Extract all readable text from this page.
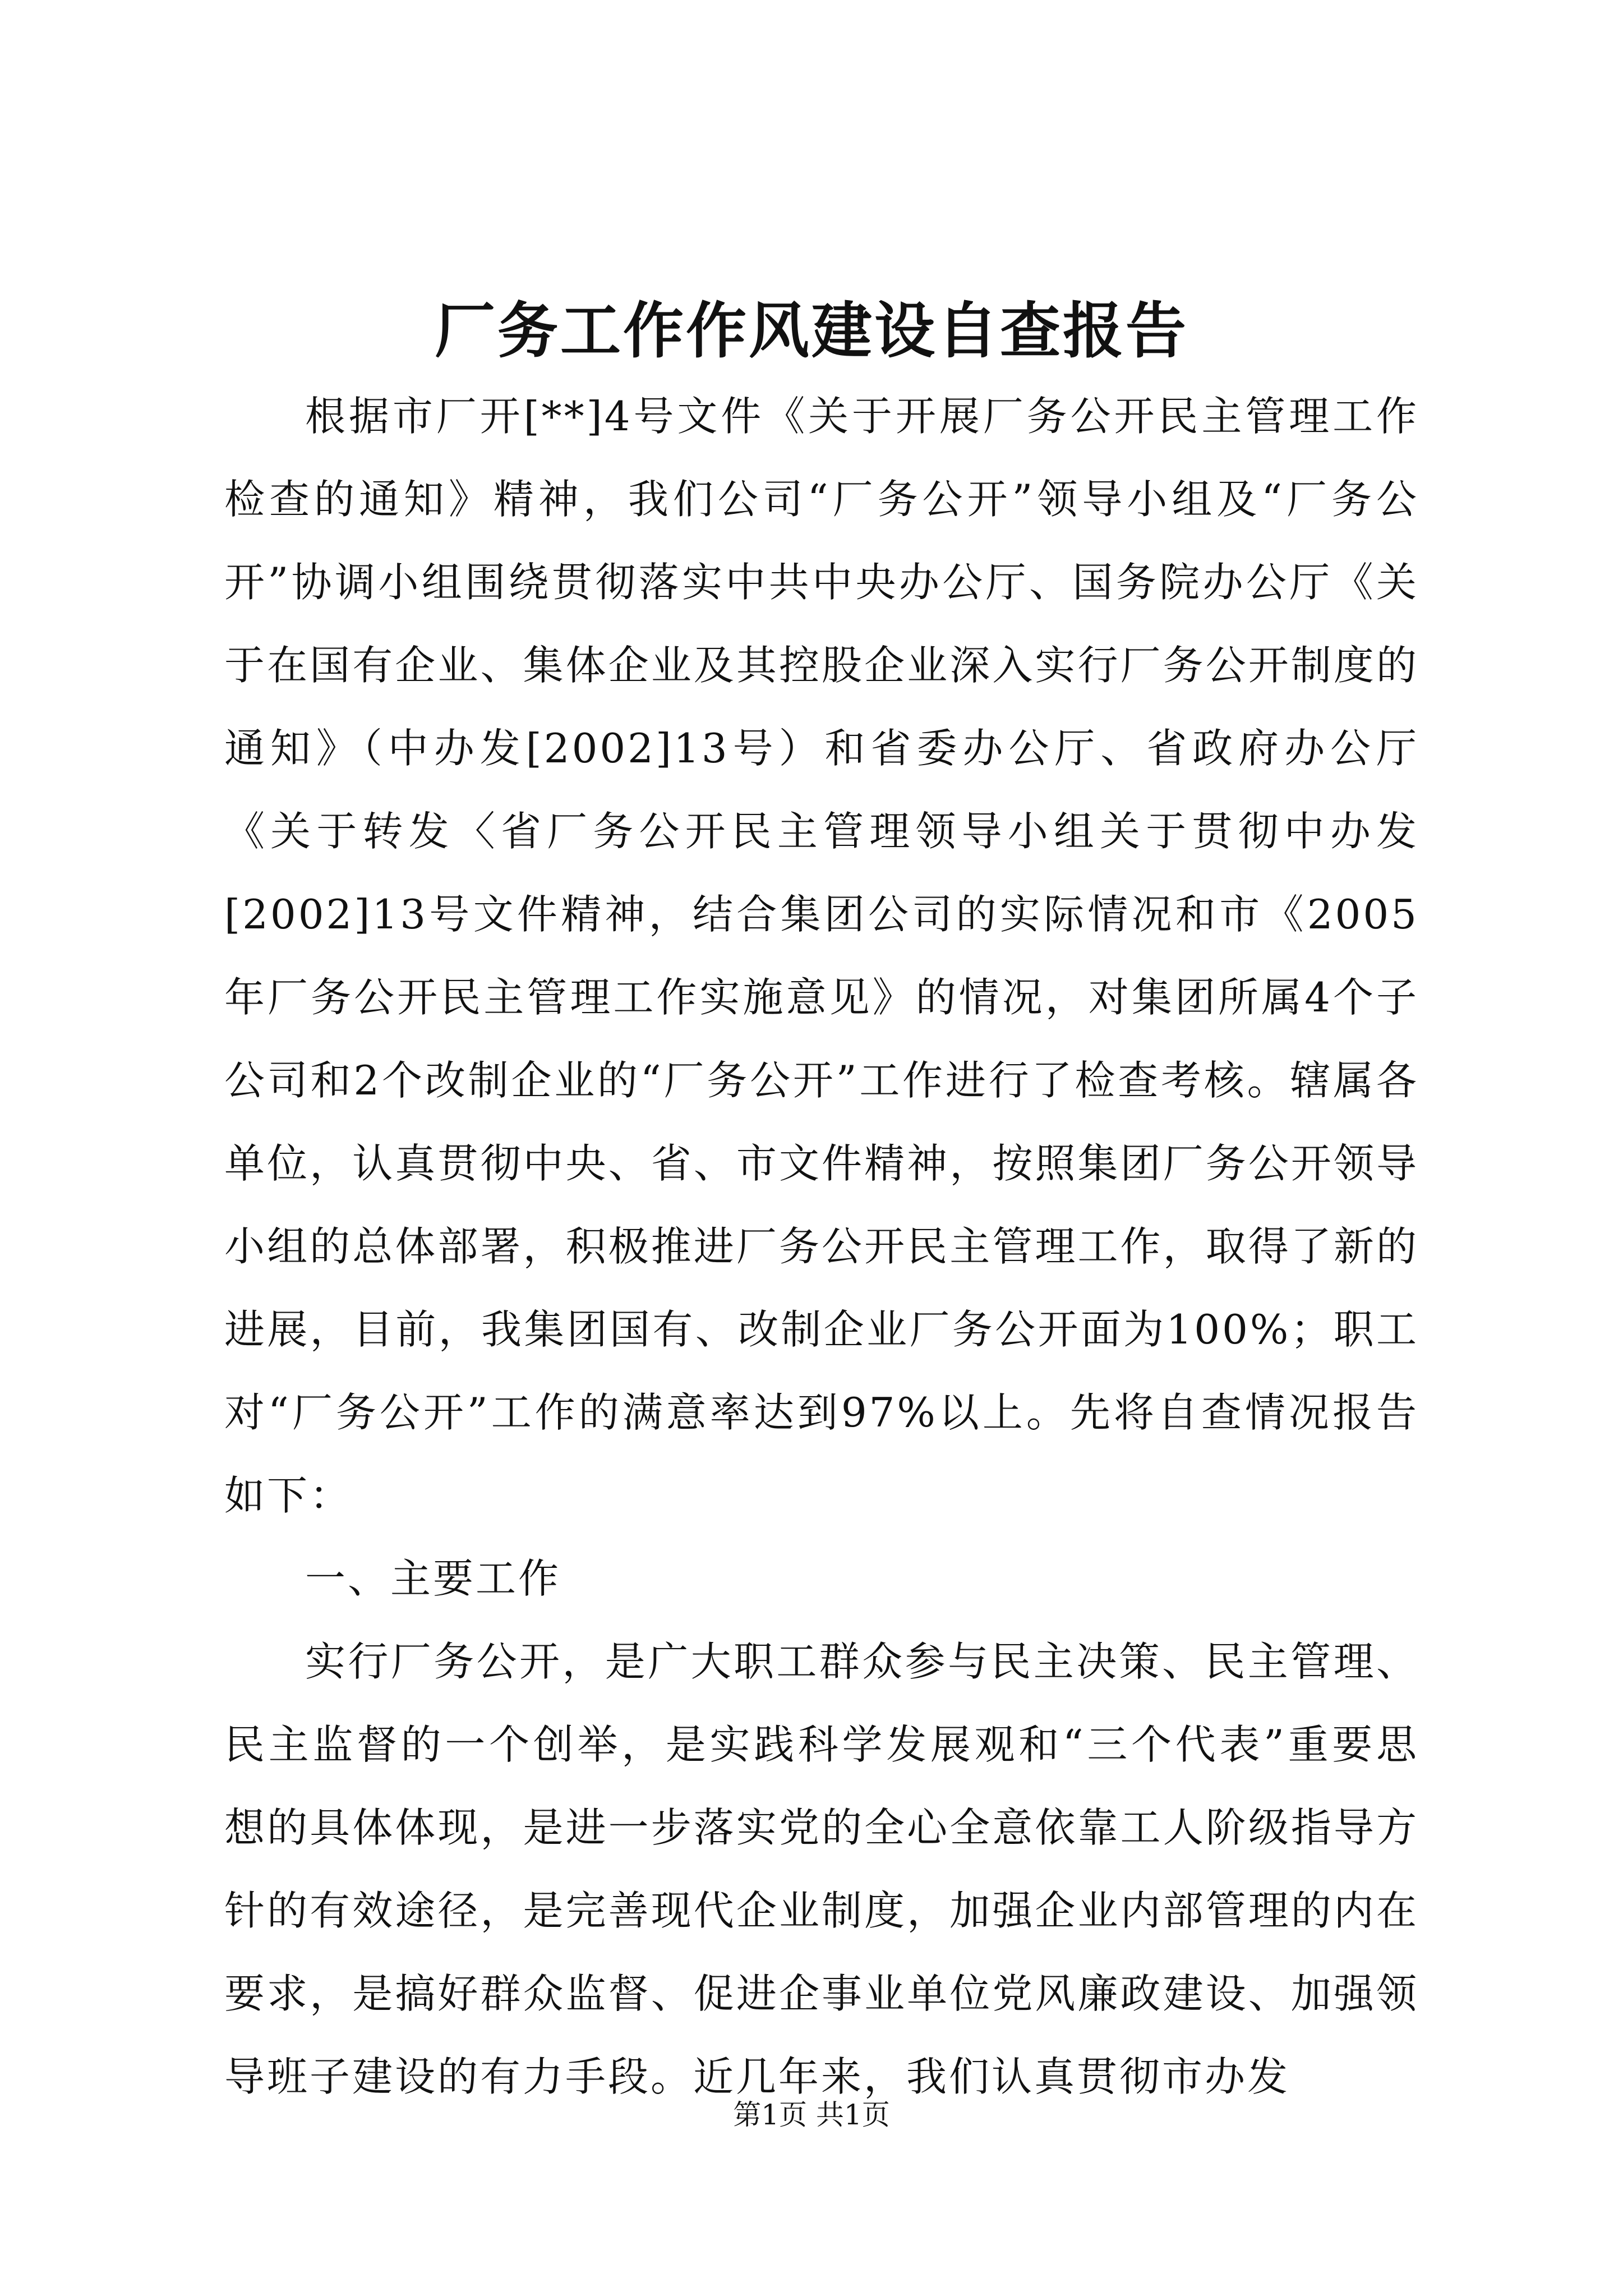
厂务工作作风建设自查报告

根据市厂开[**]4号文件《关于开展厂务公开民主管理工作检查的通知》精神，我们公司“厂务公开”领导小组及“厂务公开”协调小组围绕贯彻落实中共中央办公厅、国务院办公厅《关于在国有企业、集体企业及其控股企业深入实行厂务公开制度的通知》（中办发[2002]13号）和省委办公厅、省政府办公厅《关于转发〈省厂务公开民主管理领导小组关于贯彻中办发[2002]13号文件精神，结合集团公司的实际情况和市《2005年厂务公开民主管理工作实施意见》的情况，对集团所属4个子公司和2个改制企业的“厂务公开”工作进行了检查考核。辖属各单位，认真贯彻中央、省、市文件精神，按照集团厂务公开领导小组的总体部署，积极推进厂务公开民主管理工作，取得了新的进展，目前，我集团国有、改制企业厂务公开面为100%；职工对“厂务公开”工作的满意率达到97%以上。先将自查情况报告如下：

一、主要工作

实行厂务公开，是广大职工群众参与民主决策、民主管理、民主监督的一个创举，是实践科学发展观和“三个代表”重要思想的具体体现，是进一步落实党的全心全意依靠工人阶级指导方针的有效途径，是完善现代企业制度，加强企业内部管理的内在要求，是搞好群众监督、促进企事业单位党风廉政建设、加强领导班子建设的有力手段。近几年来，我们认真贯彻市办发

第1页 共1页
